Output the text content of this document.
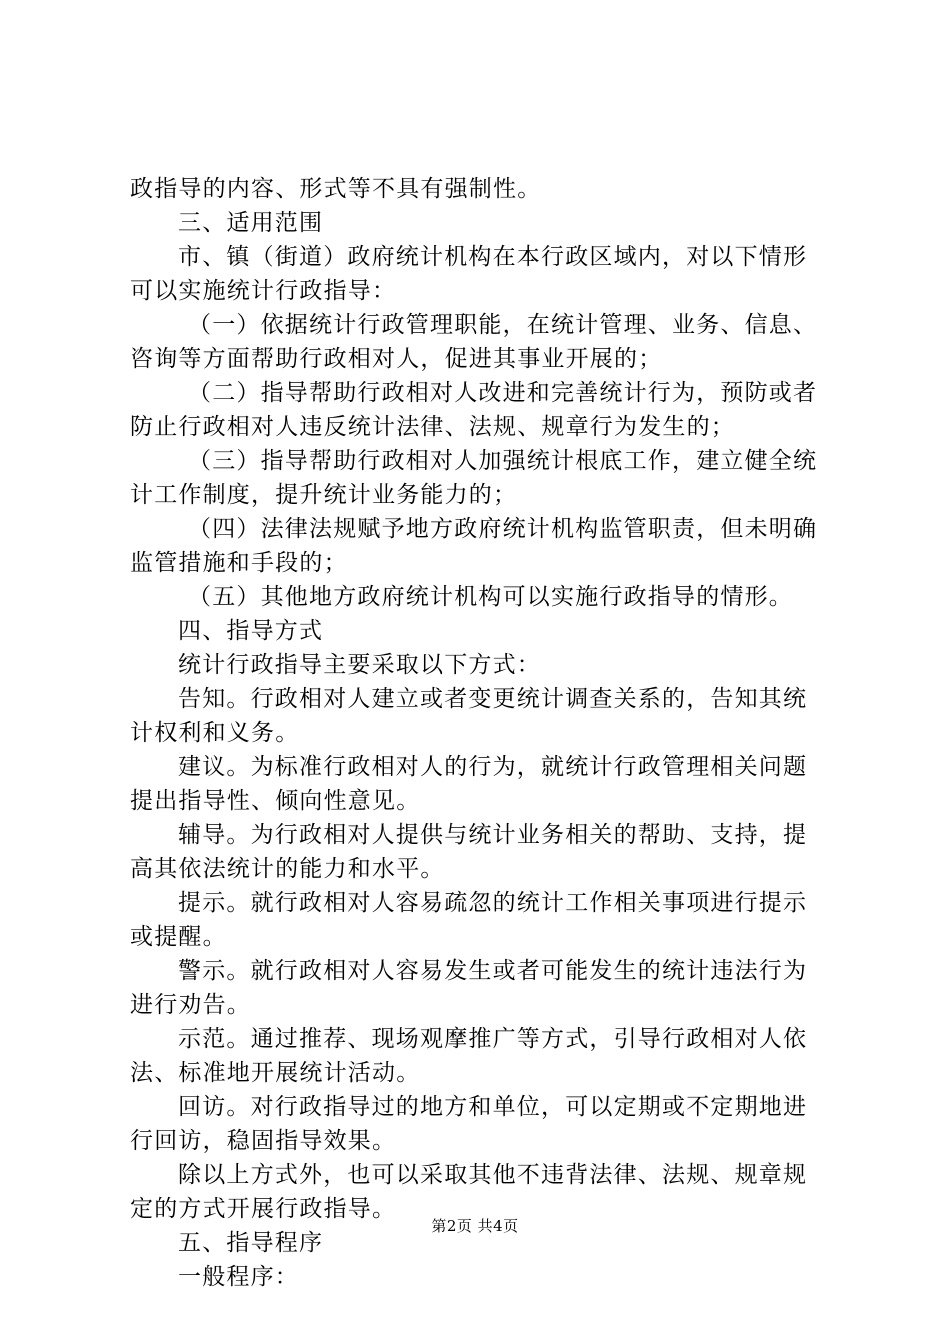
政指导的内容、形式等不具有强制性。
三、适用范围
市、镇（街道）政府统计机构在本行政区域内，对以下情形
可以实施统计行政指导：
（一）依据统计行政管理职能，在统计管理、业务、信息、
咨询等方面帮助行政相对人，促进其事业开展的；
（二）指导帮助行政相对人改进和完善统计行为，预防或者
防止行政相对人违反统计法律、法规、规章行为发生的；
（三）指导帮助行政相对人加强统计根底工作，建立健全统
计工作制度，提升统计业务能力的；
（四）法律法规赋予地方政府统计机构监管职责，但未明确
监管措施和手段的；
（五）其他地方政府统计机构可以实施行政指导的情形。
四、指导方式
统计行政指导主要采取以下方式：
告知。行政相对人建立或者变更统计调查关系的，告知其统
计权利和义务。
建议。为标准行政相对人的行为，就统计行政管理相关问题
提出指导性、倾向性意见。
辅导。为行政相对人提供与统计业务相关的帮助、支持，提
高其依法统计的能力和水平。
提示。就行政相对人容易疏忽的统计工作相关事项进行提示
或提醒。
警示。就行政相对人容易发生或者可能发生的统计违法行为
进行劝告。
示范。通过推荐、现场观摩推广等方式，引导行政相对人依
法、标准地开展统计活动。
回访。对行政指导过的地方和单位，可以定期或不定期地进
行回访，稳固指导效果。
除以上方式外，也可以采取其他不违背法律、法规、规章规
定的方式开展行政指导。
五、指导程序
一般程序：
第2页 共4页
